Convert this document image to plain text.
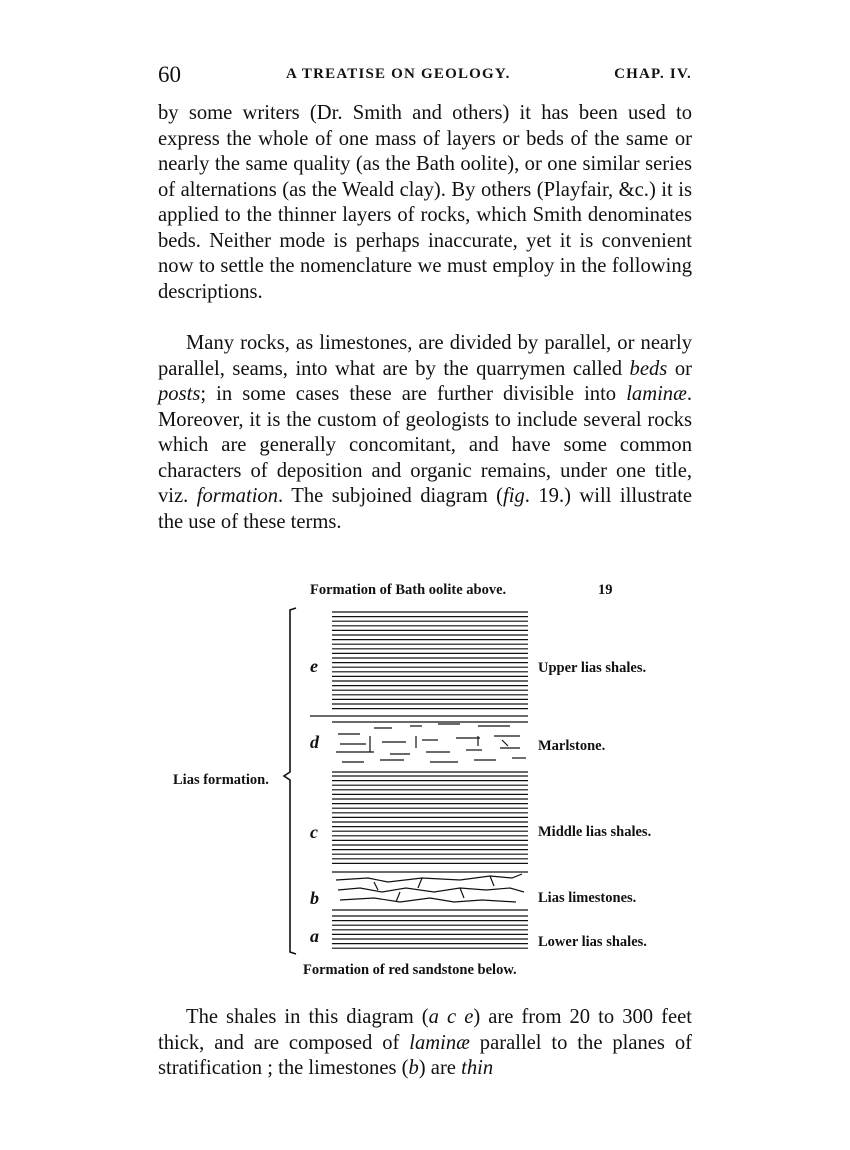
60	A TREATISE ON GEOLOGY.	CHAP. IV.

by some writers (Dr. Smith and others) it has been used to express the whole of one mass of layers or beds of the same or nearly the same quality (as the Bath oolite), or one similar series of alternations (as the Weald clay). By others (Playfair, &c.) it is applied to the thinner layers of rocks, which Smith denominates beds. Neither mode is perhaps inaccurate, yet it is convenient now to settle the nomenclature we must employ in the following descriptions.

Many rocks, as limestones, are divided by parallel, or nearly parallel, seams, into what are by the quarrymen called beds or posts; in some cases these are further divisible into laminæ. Moreover, it is the custom of geologists to include several rocks which are generally concomitant, and have some common characters of deposition and organic remains, under one title, viz. formation. The subjoined diagram (fig. 19.) will illustrate the use of these terms.

Formation of Bath oolite above.	19
Lias formation.
e	Upper lias shales.
d	Marlstone.
c	Middle lias shales.
b	Lias limestones.
a	Lower lias shales.
Formation of red sandstone below.

The shales in this diagram (a c e) are from 20 to 300 feet thick, and are composed of laminæ parallel to the planes of stratification ; the limestones (b) are thin
